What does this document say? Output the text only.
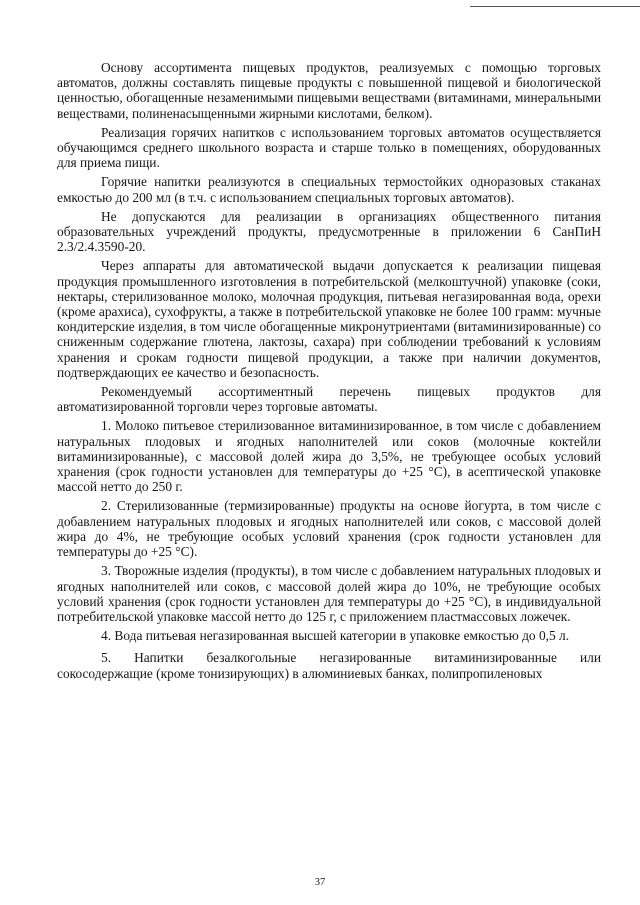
Основу ассортимента пищевых продуктов, реализуемых с помощью торговых автоматов, должны составлять пищевые продукты с повышенной пищевой и биологической ценностью, обогащенные незаменимыми пищевыми веществами (витаминами, минеральными веществами, полиненасыщенными жирными кислотами, белком).

Реализация горячих напитков с использованием торговых автоматов осуществляется обучающимся среднего школьного возраста и старше только в помещениях, оборудованных для приема пищи.

Горячие напитки реализуются в специальных термостойких одноразовых стаканах емкостью до 200 мл (в т.ч. с использованием специальных торговых автоматов).

Не допускаются для реализации в организациях общественного питания образовательных учреждений продукты, предусмотренные в приложении 6 СанПиН 2.3/2.4.3590-20.

Через аппараты для автоматической выдачи допускается к реализации пищевая продукция промышленного изготовления в потребительской (мелкоштучной) упаковке (соки, нектары, стерилизованное молоко, молочная продукция, питьевая негазированная вода, орехи (кроме арахиса), сухофрукты, а также в потребительской упаковке не более 100 грамм: мучные кондитерские изделия, в том числе обогащенные микронутриентами (витаминизированные) со сниженным содержание глютена, лактозы, сахара) при соблюдении требований к условиям хранения и срокам годности пищевой продукции, а также при наличии документов, подтверждающих ее качество и безопасность.

Рекомендуемый ассортиментный перечень пищевых продуктов для автоматизированной торговли через торговые автоматы.

1. Молоко питьевое стерилизованное витаминизированное, в том числе с добавлением натуральных плодовых и ягодных наполнителей или соков (молочные коктейли витаминизированные), с массовой долей жира до 3,5%, не требующее особых условий хранения (срок годности установлен для температуры до +25 °С), в асептической упаковке массой нетто до 250 г.

2. Стерилизованные (термизированные) продукты на основе йогурта, в том числе с добавлением натуральных плодовых и ягодных наполнителей или соков, с массовой долей жира до 4%, не требующие особых условий хранения (срок годности установлен для температуры до +25 °С).

3. Творожные изделия (продукты), в том числе с добавлением натуральных плодовых и ягодных наполнителей или соков, с массовой долей жира до 10%, не требующие особых условий хранения (срок годности установлен для температуры до +25 °С), в индивидуальной потребительской упаковке массой нетто до 125 г, с приложением пластмассовых ложечек.

4. Вода питьевая негазированная высшей категории в упаковке емкостью до 0,5 л.

5. Напитки безалкогольные негазированные витаминизированные или сокосодержащие (кроме тонизирующих) в алюминиевых банках, полипропиленовых

37
